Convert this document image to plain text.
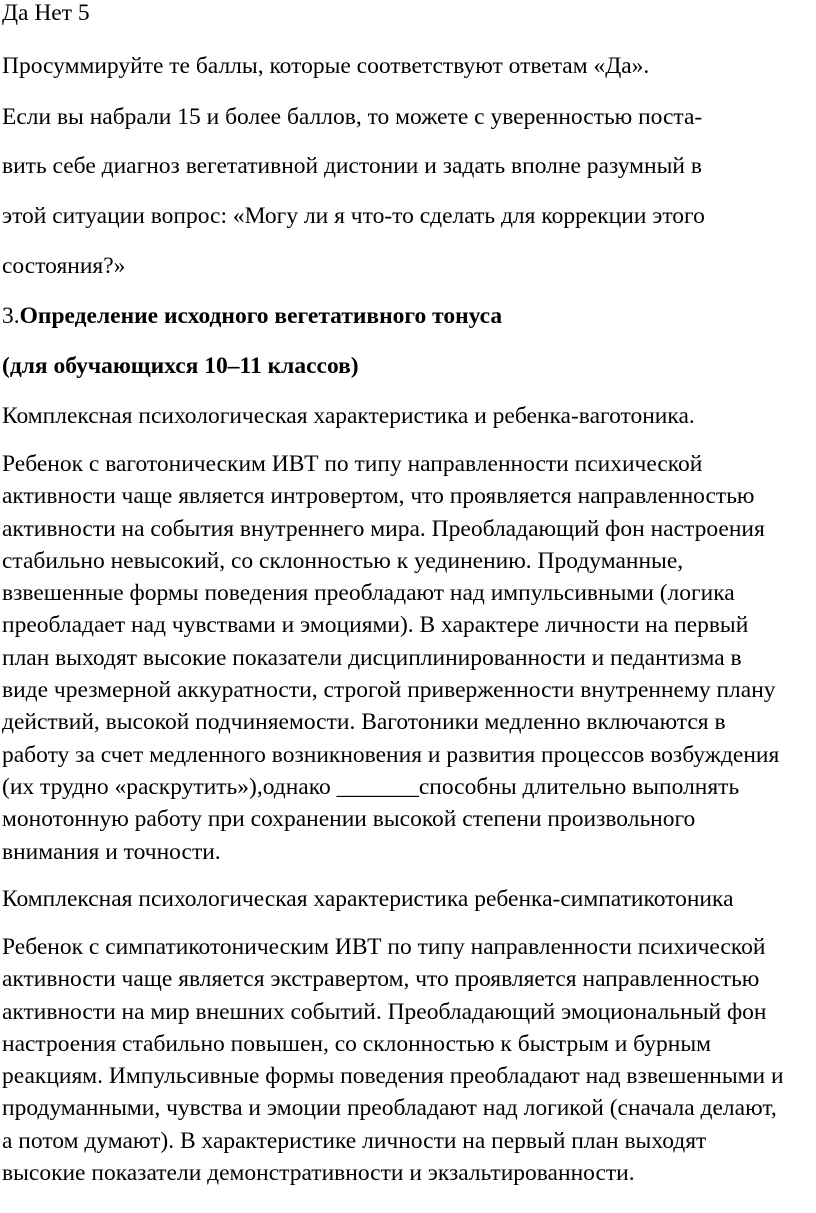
Да Нет 5
Просуммируйте те баллы, которые соответствуют ответам «Да».
Если вы набрали 15 и более баллов, то можете с уверенностью поста-
вить себе диагноз вегетативной дистонии и задать вполне разумный в
этой ситуации вопрос: «Могу ли я что-то сделать для коррекции этого
состояния?»
3.Определение исходного вегетативного тонуса
(для обучающихся 10–11 классов)
Комплексная психологическая характеристика и ребенка-ваготоника.
Ребенок с ваготоническим ИВТ по типу направленности психической
активности чаще является интровертом, что проявляется направленностью
активности на события внутреннего мира. Преобладающий фон настроения
стабильно невысокий, со склонностью к уединению. Продуманные,
взвешенные формы поведения преобладают над импульсивными (логика
преобладает над чувствами и эмоциями). В характере личности на первый
план выходят высокие показатели дисциплинированности и педантизма в
виде чрезмерной аккуратности, строгой приверженности внутреннему плану
действий, высокой подчиняемости. Ваготоники медленно включаются в
работу за счет медленного возникновения и развития процессов возбуждения
(их трудно «раскрутить»),однако _______способны длительно выполнять
монотонную работу при сохранении высокой степени произвольного
внимания и точности.
Комплексная психологическая характеристика ребенка-симпатикотоника
Ребенок с симпатикотоническим ИВТ по типу направленности психической
активности чаще является экстравертом, что проявляется направленностью
активности на мир внешних событий. Преобладающий эмоциональный фон
настроения стабильно повышен, со склонностью к быстрым и бурным
реакциям. Импульсивные формы поведения преобладают над взвешенными и
продуманными, чувства и эмоции преобладают над логикой (сначала делают,
а потом думают). В характеристике личности на первый план выходят
высокие показатели демонстративности и экзальтированности.
